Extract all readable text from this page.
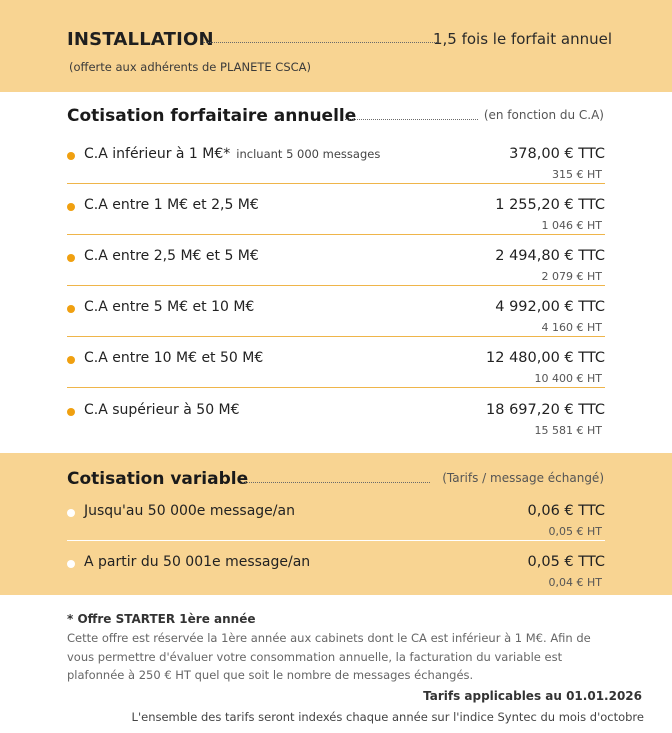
INSTALLATION	1,5 fois le forfait annuel
(offerte aux adhérents de PLANETE CSCA)
Cotisation forfaitaire annuelle	(en fonction du C.A)
C.A inférieur à 1 M€* incluant 5 000 messages	378,00 € TTC
315 € HT
C.A entre 1 M€ et 2,5 M€	1 255,20 € TTC
1 046 € HT
C.A entre 2,5 M€ et 5 M€	2 494,80 € TTC
2 079 € HT
C.A entre 5 M€ et 10 M€	4 992,00 € TTC
4 160 € HT
C.A entre 10 M€ et 50 M€	12 480,00 € TTC
10 400 € HT
C.A supérieur à 50 M€	18 697,20 € TTC
15 581 € HT
Cotisation variable	(Tarifs / message échangé)
Jusqu'au 50 000e message/an	0,06 € TTC
0,05 € HT
A partir du 50 001e message/an	0,05 € TTC
0,04 € HT
* Offre STARTER 1ère année
Cette offre est réservée la 1ère année aux cabinets dont le CA est inférieur à 1 M€. Afin de vous permettre d'évaluer votre consommation annuelle, la facturation du variable est plafonnée à 250 € HT quel que soit le nombre de messages échangés.
Tarifs applicables au 01.01.2026
L'ensemble des tarifs seront indexés chaque année sur l'indice Syntec du mois d'octobre
